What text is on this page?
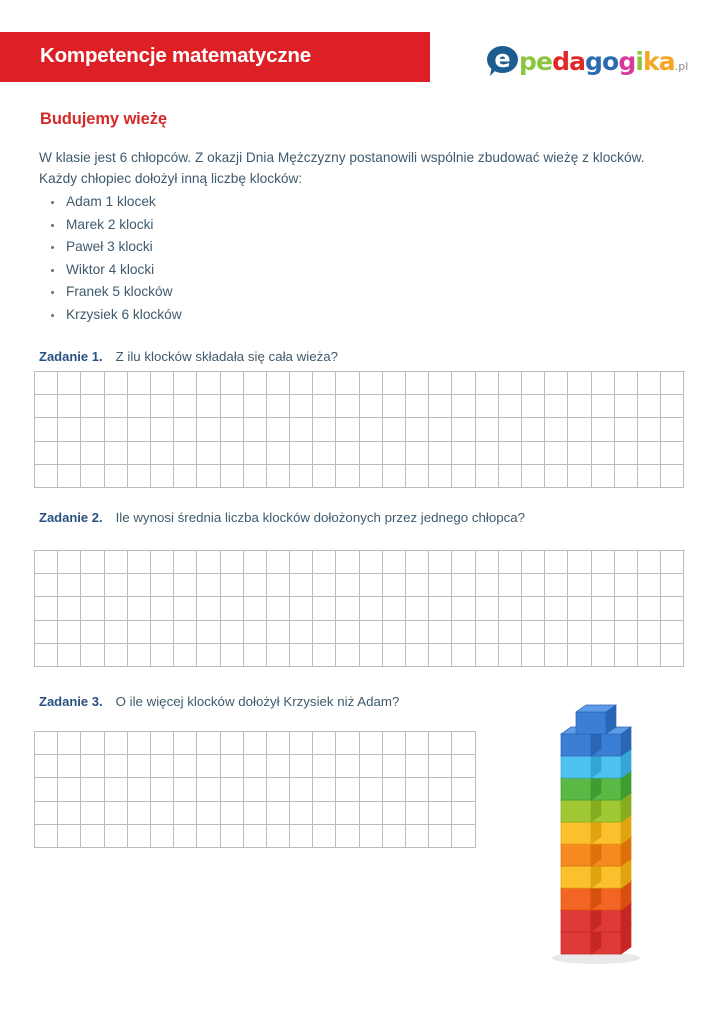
Kompetencje matematyczne	e pedagogika.pl
Budujemy wieżę
W klasie jest 6 chłopców. Z okazji Dnia Mężczyzny postanowili wspólnie zbudować wieżę z klocków. Każdy chłopiec dołożył inną liczbę klocków:
Adam 1 klocek
Marek 2 klocki
Paweł 3 klocki
Wiktor 4 klocki
Franek 5 klocków
Krzysiek 6 klocków
Zadanie 1. Z ilu klocków składała się cała wieża?
Zadanie 2. Ile wynosi średnia liczba klocków dołożonych przez jednego chłopca?
Zadanie 3. O ile więcej klocków dołożył Krzysiek niż Adam?
